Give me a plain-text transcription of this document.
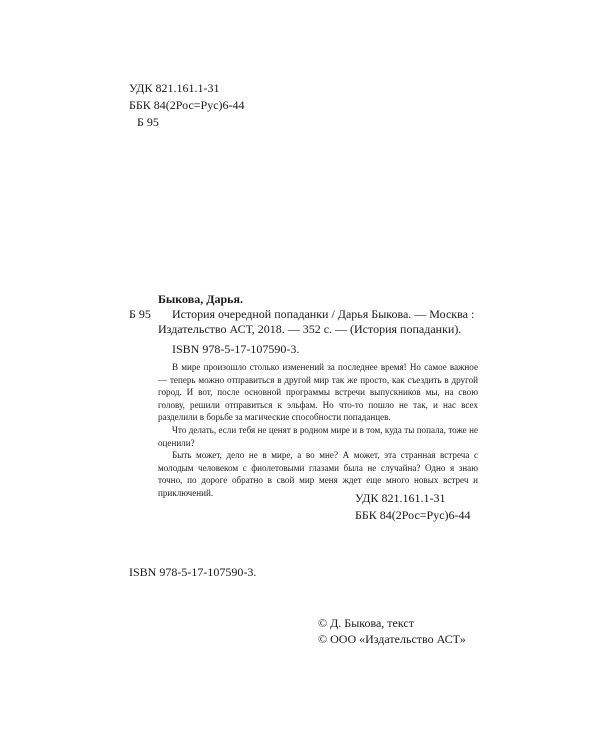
УДК 821.161.1-31
ББК 84(2Рос=Рус)6-44
Б 95
Быкова, Дарья.
Б 95 История очередной попаданки / Дарья Быкова. — Москва :
Издательство АСТ, 2018. — 352 с. — (История попаданки).
ISBN 978-5-17-107590-3.

В мире произошло столько изменений за последнее время! Но самое важное — теперь можно отправиться в другой мир так же просто, как съездить в другой город. И вот, после основной программы встречи выпускников мы, на свою голову, решили отправиться к эльфам. Но что-то пошло не так, и нас всех разделили в борьбе за магические способности попаданцев.

Что делать, если тебя не ценят в родном мире и в том, куда ты попала, тоже не оценили?

Быть может, дело не в мире, а во мне? А может, эта странная встреча с молодым человеком с фиолетовыми глазами была не случайна? Одно я знаю точно, по дороге обратно в свой мир меня ждет еще много новых встреч и приключений.	УДК 821.161.1-31
ББК 84(2Рос=Рус)6-44
ISBN 978-5-17-107590-3.
© Д. Быкова, текст
© ООО «Издательство АСТ»
